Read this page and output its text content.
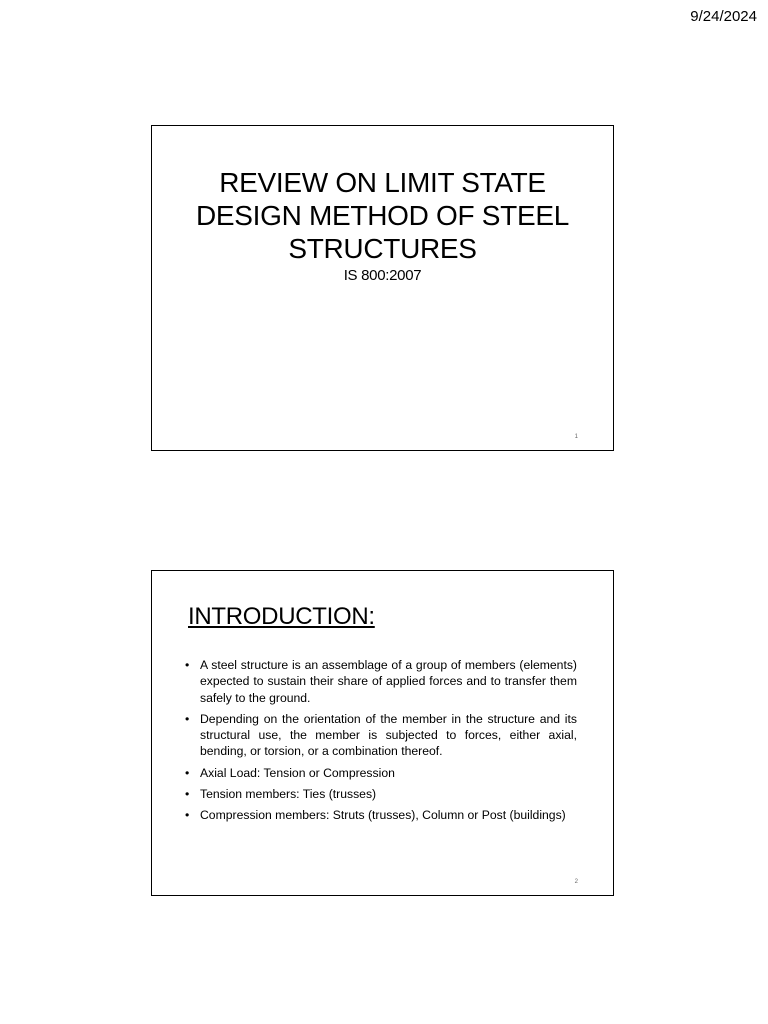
9/24/2024
REVIEW ON LIMIT STATE DESIGN METHOD OF STEEL STRUCTURES

IS 800:2007

1
INTRODUCTION:
• A steel structure is an assemblage of a group of members (elements) expected to sustain their share of applied forces and to transfer them safely to the ground.
• Depending on the orientation of the member in the structure and its structural use, the member is subjected to forces, either axial, bending, or torsion, or a combination thereof.
• Axial Load: Tension or Compression
• Tension members: Ties (trusses)
• Compression members: Struts (trusses), Column or Post (buildings)
2
